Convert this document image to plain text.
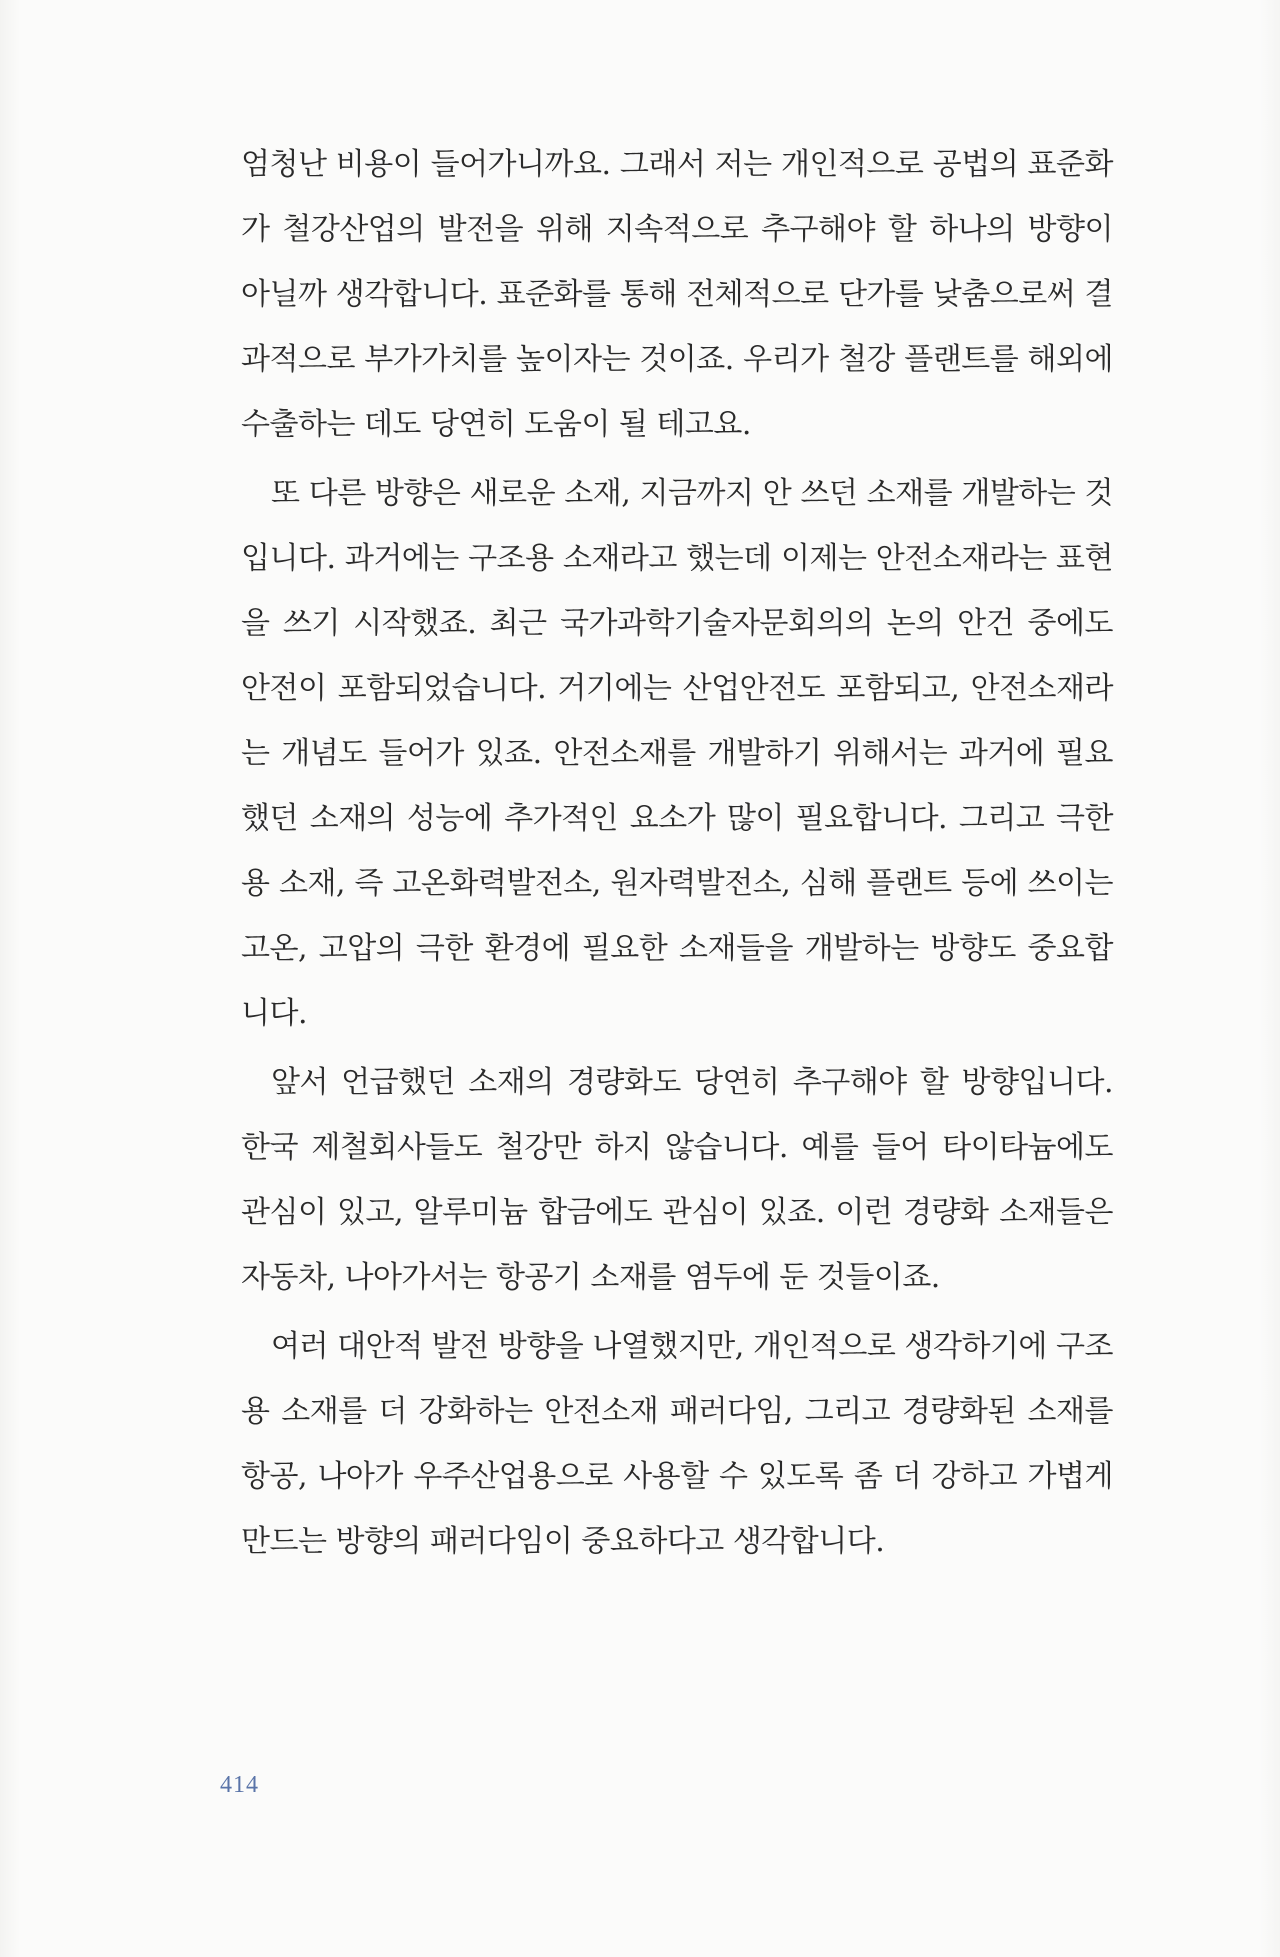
엄청난 비용이 들어가니까요. 그래서 저는 개인적으로 공법의 표준화가 철강산업의 발전을 위해 지속적으로 추구해야 할 하나의 방향이 아닐까 생각합니다. 표준화를 통해 전체적으로 단가를 낮춤으로써 결과적으로 부가가치를 높이자는 것이죠. 우리가 철강 플랜트를 해외에 수출하는 데도 당연히 도움이 될 테고요.

또 다른 방향은 새로운 소재, 지금까지 안 쓰던 소재를 개발하는 것입니다. 과거에는 구조용 소재라고 했는데 이제는 안전소재라는 표현을 쓰기 시작했죠. 최근 국가과학기술자문회의의 논의 안건 중에도 안전이 포함되었습니다. 거기에는 산업안전도 포함되고, 안전소재라는 개념도 들어가 있죠. 안전소재를 개발하기 위해서는 과거에 필요했던 소재의 성능에 추가적인 요소가 많이 필요합니다. 그리고 극한용 소재, 즉 고온화력발전소, 원자력발전소, 심해 플랜트 등에 쓰이는 고온, 고압의 극한 환경에 필요한 소재들을 개발하는 방향도 중요합니다.

앞서 언급했던 소재의 경량화도 당연히 추구해야 할 방향입니다. 한국 제철회사들도 철강만 하지 않습니다. 예를 들어 타이타늄에도 관심이 있고, 알루미늄 합금에도 관심이 있죠. 이런 경량화 소재들은 자동차, 나아가서는 항공기 소재를 염두에 둔 것들이죠.

여러 대안적 발전 방향을 나열했지만, 개인적으로 생각하기에 구조용 소재를 더 강화하는 안전소재 패러다임, 그리고 경량화된 소재를 항공, 나아가 우주산업용으로 사용할 수 있도록 좀 더 강하고 가볍게 만드는 방향의 패러다임이 중요하다고 생각합니다.

414
